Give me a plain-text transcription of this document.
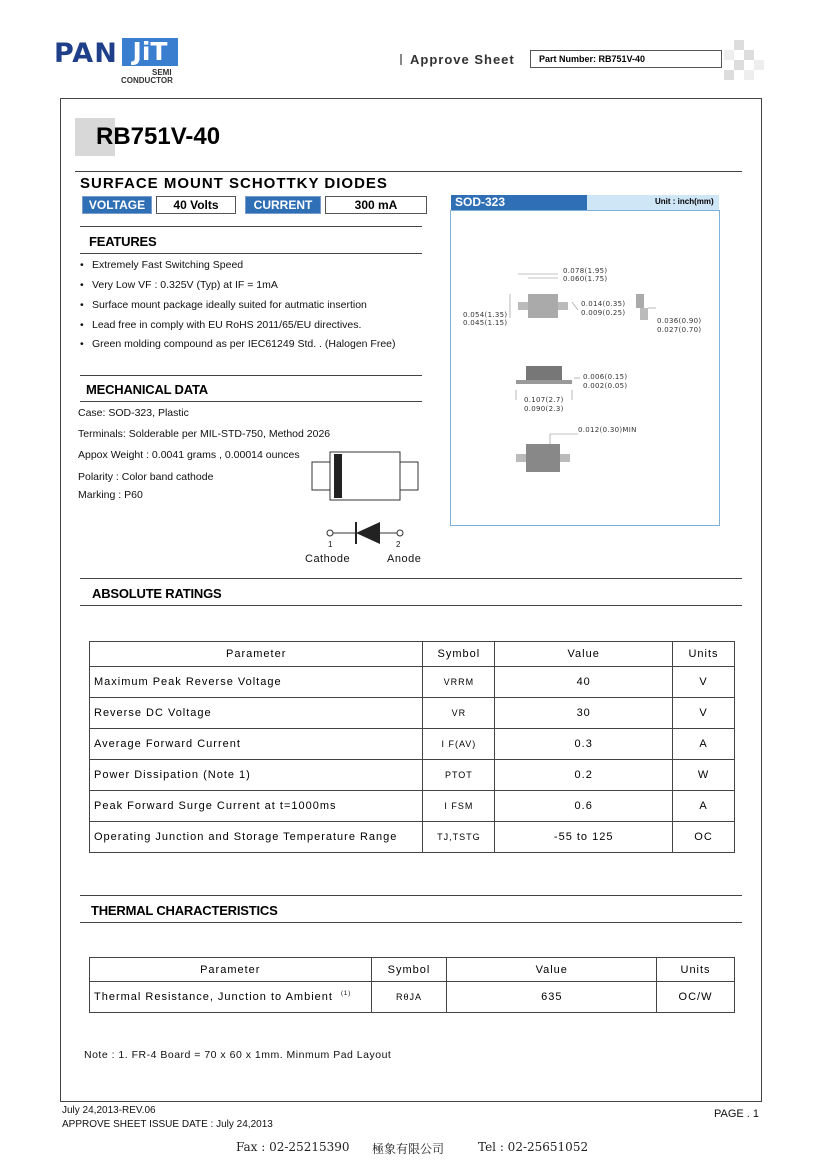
PAN JiT
SEMI
CONDUCTOR
Approve Sheet	Part Number: RB751V-40
RB751V-40
SURFACE MOUNT SCHOTTKY DIODES
VOLTAGE	40 Volts	CURRENT	300 mA
FEATURES
• Extremely Fast Switching Speed
• Very Low VF : 0.325V (Typ) at IF = 1mA
• Surface mount package ideally suited for autmatic insertion
• Lead free in comply with EU RoHS 2011/65/EU directives.
• Green molding compound as per IEC61249 Std. . (Halogen Free)
MECHANICAL DATA
Case: SOD-323, Plastic
Terminals: Solderable per MIL-STD-750, Method 2026
Appox Weight : 0.0041 grams , 0.00014 ounces
Polarity : Color band cathode
Marking : P60
1	2
Cathode	Anode
SOD-323	Unit : inch(mm)
0.078(1.95)
0.060(1.75)
0.014(0.35)
0.009(0.25)
0.054(1.35)
0.045(1.15)	0.036(0.90)
0.027(0.70)
0.006(0.15)
0.002(0.05)
0.107(2.7)
0.090(2.3)
0.012(0.30)MIN
ABSOLUTE RATINGS
Parameter	Symbol	Value	Units
Maximum Peak Reverse Voltage	VRRM	40	V
Reverse DC Voltage	VR	30	V
Average Forward Current	I F(AV)	0.3	A
Power Dissipation (Note 1)	PTOT	0.2	W
Peak Forward Surge Current at t=1000ms	I FSM	0.6	A
Operating Junction and Storage Temperature Range	TJ,TSTG	-55 to 125	OC
THERMAL CHARACTERISTICS
Parameter	Symbol	Value	Units
Thermal Resistance, Junction to Ambient $^{(1)}$	RθJA	635	OC/W
Note : 1. FR-4 Board = 70 x 60 x 1mm. Minmum Pad Layout
July 24,2013-REV.06
APPROVE SHEET ISSUE DATE : July 24,2013
PAGE . 1
Fax : 02-25215390 極象有限公司	Tel : 02-25651052
